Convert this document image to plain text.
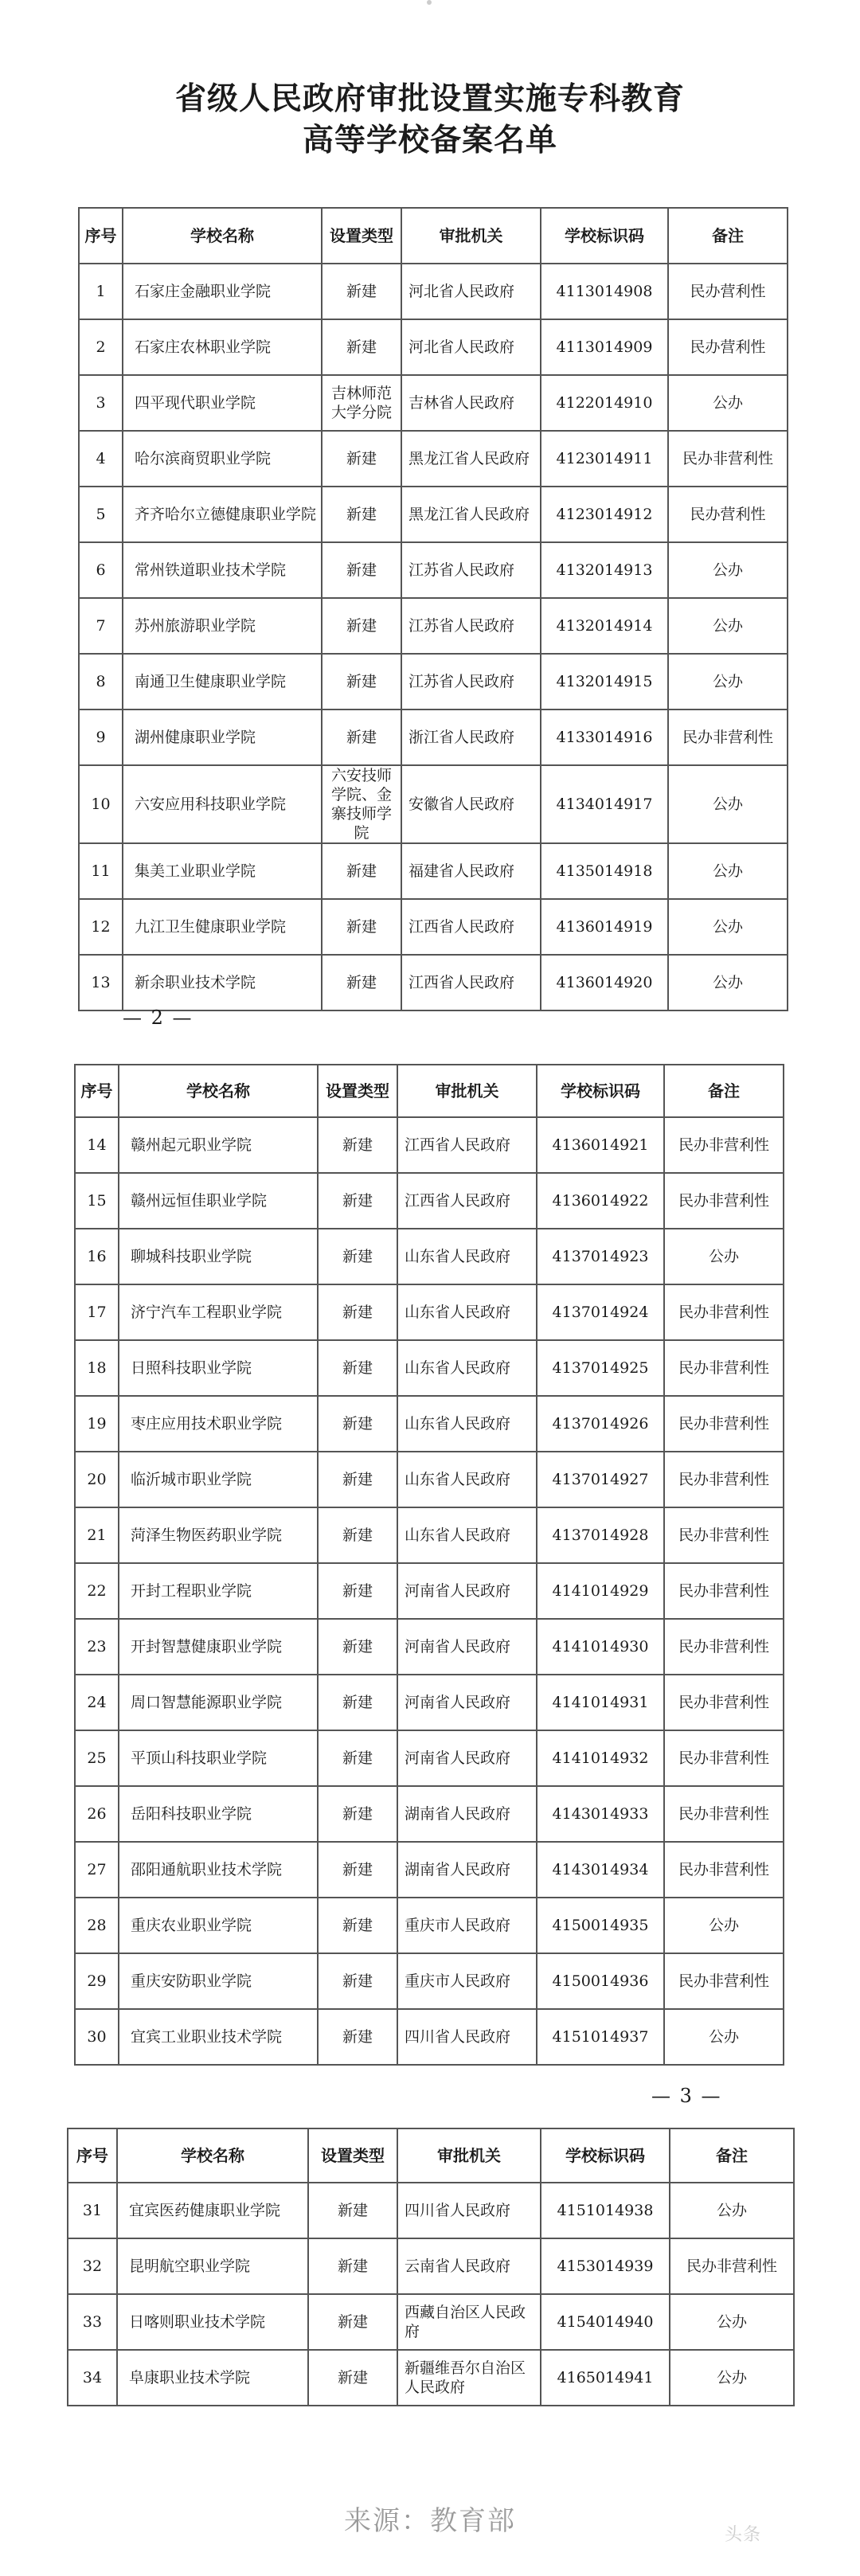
省级人民政府审批设置实施专科教育
高等学校备案名单
序号	学校名称	设置类型	审批机关	学校标识码	备注
1	石家庄金融职业学院	新建	河北省人民政府	4113014908	民办营利性
2	石家庄农林职业学院	新建	河北省人民政府	4113014909	民办营利性
3	四平现代职业学院	吉林师范大学分院	吉林省人民政府	4122014910	公办
4	哈尔滨商贸职业学院	新建	黑龙江省人民政府	4123014911	民办非营利性
5	齐齐哈尔立德健康职业学院	新建	黑龙江省人民政府	4123014912	民办营利性
6	常州铁道职业技术学院	新建	江苏省人民政府	4132014913	公办
7	苏州旅游职业学院	新建	江苏省人民政府	4132014914	公办
8	南通卫生健康职业学院	新建	江苏省人民政府	4132014915	公办
9	湖州健康职业学院	新建	浙江省人民政府	4133014916	民办非营利性
10	六安应用科技职业学院	六安技师学院、金寨技师学院	安徽省人民政府	4134014917	公办
11	集美工业职业学院	新建	福建省人民政府	4135014918	公办
12	九江卫生健康职业学院	新建	江西省人民政府	4136014919	公办
13	新余职业技术学院	新建	江西省人民政府	4136014920	公办
— 2 —
序号	学校名称	设置类型	审批机关	学校标识码	备注
14	赣州起元职业学院	新建	江西省人民政府	4136014921	民办非营利性
15	赣州远恒佳职业学院	新建	江西省人民政府	4136014922	民办非营利性
16	聊城科技职业学院	新建	山东省人民政府	4137014923	公办
17	济宁汽车工程职业学院	新建	山东省人民政府	4137014924	民办非营利性
18	日照科技职业学院	新建	山东省人民政府	4137014925	民办非营利性
19	枣庄应用技术职业学院	新建	山东省人民政府	4137014926	民办非营利性
20	临沂城市职业学院	新建	山东省人民政府	4137014927	民办非营利性
21	菏泽生物医药职业学院	新建	山东省人民政府	4137014928	民办非营利性
22	开封工程职业学院	新建	河南省人民政府	4141014929	民办非营利性
23	开封智慧健康职业学院	新建	河南省人民政府	4141014930	民办非营利性
24	周口智慧能源职业学院	新建	河南省人民政府	4141014931	民办非营利性
25	平顶山科技职业学院	新建	河南省人民政府	4141014932	民办非营利性
26	岳阳科技职业学院	新建	湖南省人民政府	4143014933	民办非营利性
27	邵阳通航职业技术学院	新建	湖南省人民政府	4143014934	民办非营利性
28	重庆农业职业学院	新建	重庆市人民政府	4150014935	公办
29	重庆安防职业学院	新建	重庆市人民政府	4150014936	民办非营利性
30	宜宾工业职业技术学院	新建	四川省人民政府	4151014937	公办
— 3 —
序号	学校名称	设置类型	审批机关	学校标识码	备注
31	宜宾医药健康职业学院	新建	四川省人民政府	4151014938	公办
32	昆明航空职业学院	新建	云南省人民政府	4153014939	民办非营利性
33	日喀则职业技术学院	新建	西藏自治区人民政府	4154014940	公办
34	阜康职业技术学院	新建	新疆维吾尔自治区人民政府	4165014941	公办
来源：教育部	头条
